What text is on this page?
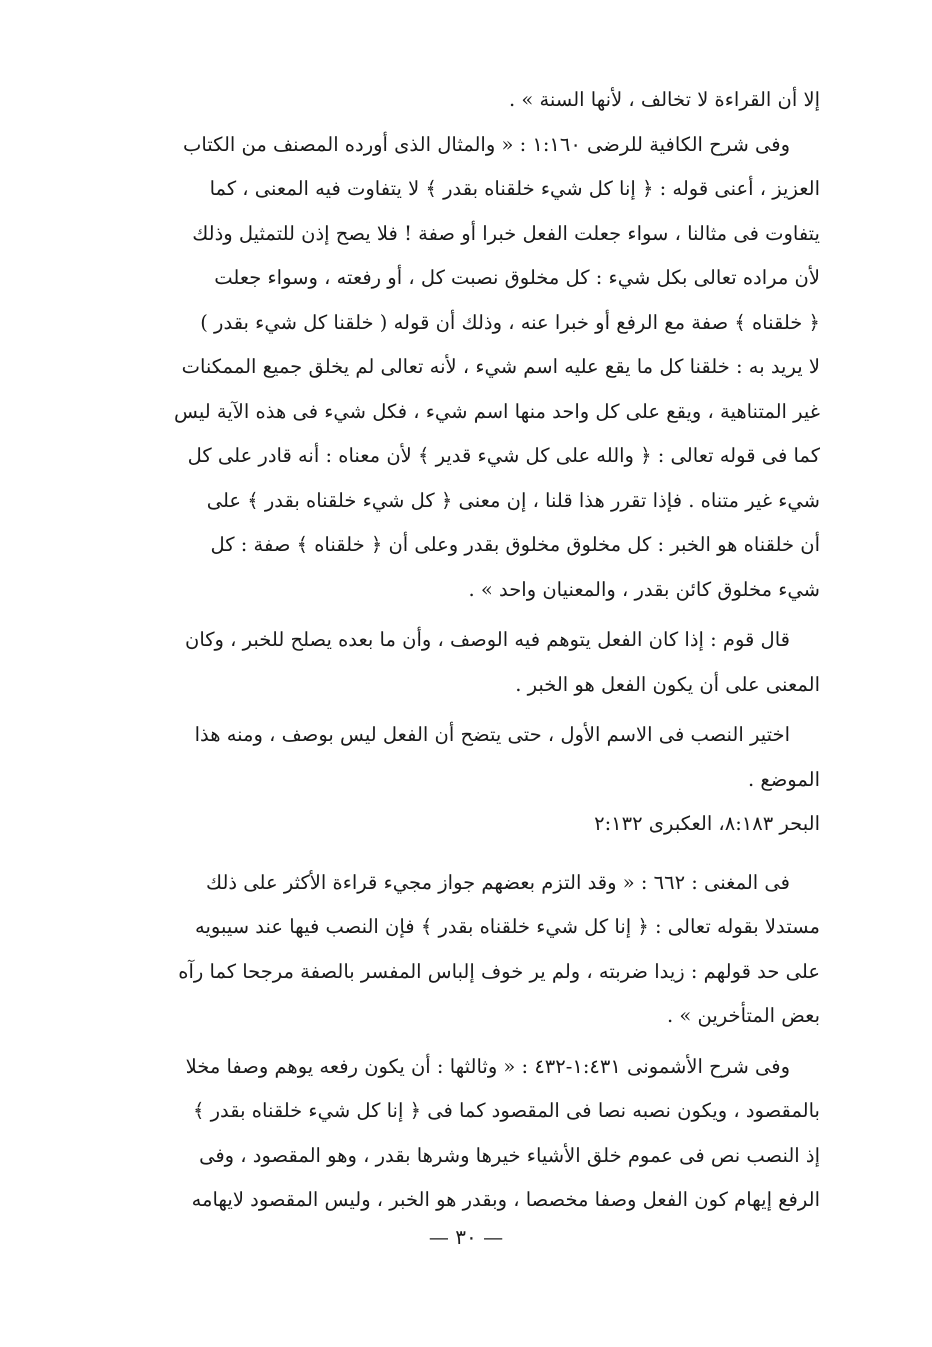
إلا أن القراءة لا تخالف ، لأنها السنة » .
وفى شرح الكافية للرضى ١:١٦٠ : « والمثال الذى أورده المصنف من الكتاب
العزيز ، أعنى قوله : ﴿ إنا كل شيء خلقناه بقدر ﴾ لا يتفاوت فيه المعنى ، كما
يتفاوت فى مثالنا ، سواء جعلت الفعل خبرا أو صفة ! فلا يصح إذن للتمثيل وذلك
لأن مراده تعالى بكل شيء : كل مخلوق نصبت كل ، أو رفعته ، وسواء جعلت
﴿ خلقناه ﴾ صفة مع الرفع أو خبرا عنه ، وذلك أن قوله ( خلقنا كل شيء بقدر )
لا يريد به : خلقنا كل ما يقع عليه اسم شيء ، لأنه تعالى لم يخلق جميع الممكنات
غير المتناهية ، ويقع على كل واحد منها اسم شيء ، فكل شيء فى هذه الآية ليس
كما فى قوله تعالى : ﴿ والله على كل شيء قدير ﴾ لأن معناه : أنه قادر على كل
شيء غير متناه . فإذا تقرر هذا قلنا ، إن معنى ﴿ كل شيء خلقناه بقدر ﴾ على
أن خلقناه هو الخبر : كل مخلوق مخلوق بقدر وعلى أن ﴿ خلقناه ﴾ صفة : كل
شيء مخلوق كائن بقدر ، والمعنيان واحد » .
قال قوم : إذا كان الفعل يتوهم فيه الوصف ، وأن ما بعده يصلح للخبر ، وكان
المعنى على أن يكون الفعل هو الخبر .
اختير النصب فى الاسم الأول ، حتى يتضح أن الفعل ليس بوصف ، ومنه هذا
الموضع .
البحر ٨:١٨٣، العكبرى ٢:١٣٢
فى المغنى : ٦٦٢ : « وقد التزم بعضهم جواز مجيء قراءة الأكثر على ذلك
مستدلا بقوله تعالى : ﴿ إنا كل شيء خلقناه بقدر ﴾ فإن النصب فيها عند سيبويه
على حد قولهم : زيدا ضربته ، ولم ير خوف إلباس المفسر بالصفة مرجحا كما رآه
بعض المتأخرين » .
وفى شرح الأشمونى ١:٤٣١-٤٣٢ : « وثالثها : أن يكون رفعه يوهم وصفا مخلا
بالمقصود ، ويكون نصبه نصا فى المقصود كما فى ﴿ إنا كل شيء خلقناه بقدر ﴾
إذ النصب نص فى عموم خلق الأشياء خيرها وشرها بقدر ، وهو المقصود ، وفى
الرفع إيهام كون الفعل وصفا مخصصا ، وبقدر هو الخبر ، وليس المقصود لايهامه
— ٣٠ —
